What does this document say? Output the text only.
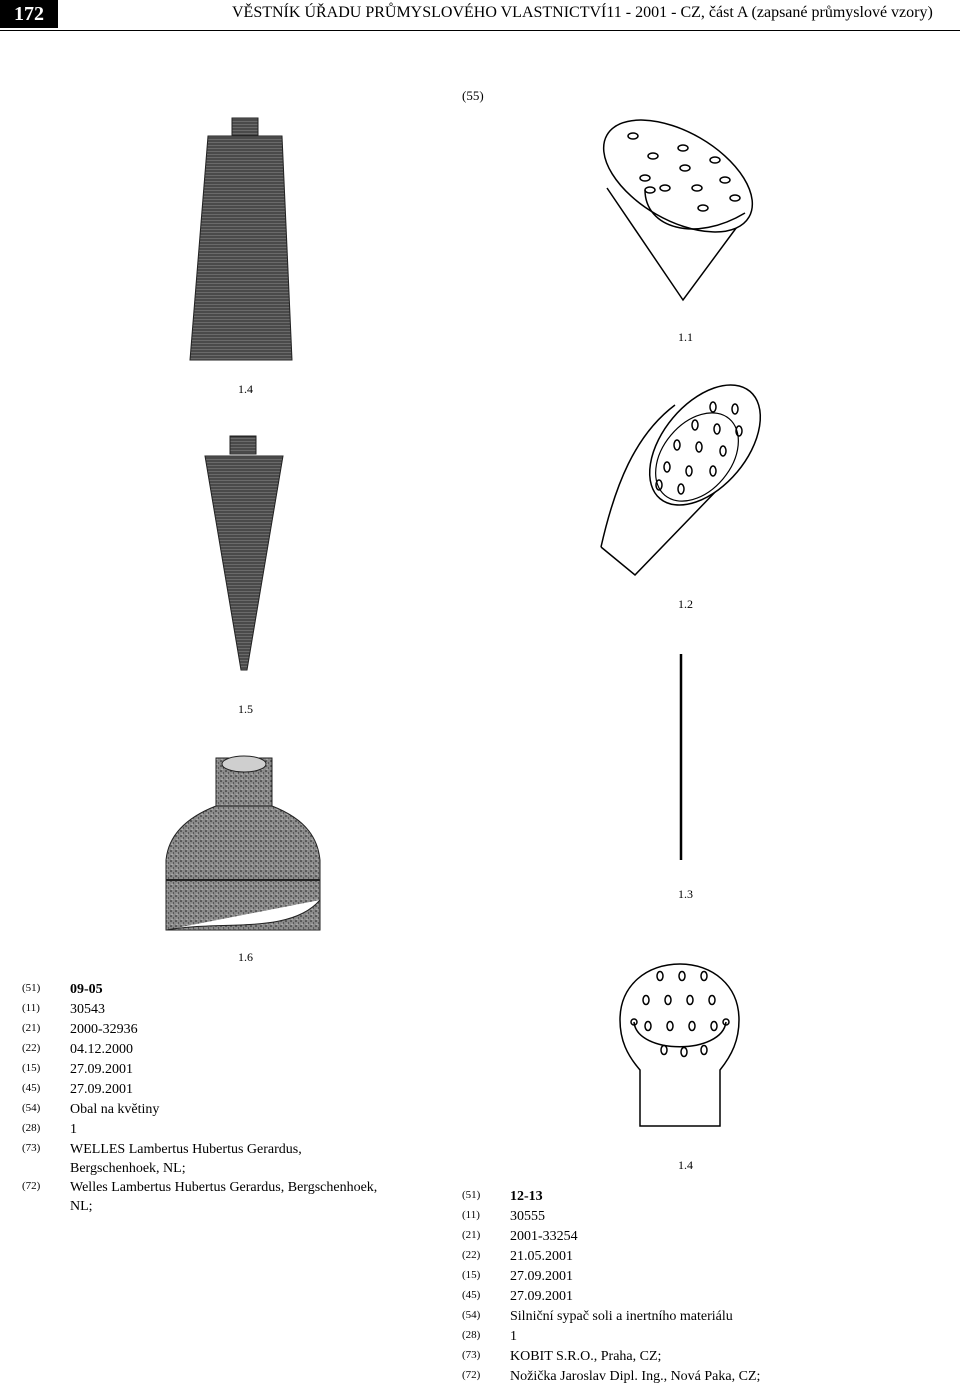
172	VĚSTNÍK ÚŘADU PRŮMYSLOVÉHO VLASTNICTVÍ11 - 2001 - CZ, část A (zapsané průmyslové vzory)
(55)
1.4
1.5
1.6
1.1
1.2
1.3
1.4
(51)	09-05
(11)	30543
(21)	2000-32936
(22)	04.12.2000
(15)	27.09.2001
(45)	27.09.2001
(54)	Obal na květiny
(28)	1
(73)	WELLES Lambertus Hubertus Gerardus,
Bergschenhoek, NL;
(72)	Welles Lambertus Hubertus Gerardus, Bergschenhoek,
NL;
(51)	12-13
(11)	30555
(21)	2001-33254
(22)	21.05.2001
(15)	27.09.2001
(45)	27.09.2001
(54)	Silniční sypač soli a inertního materiálu
(28)	1
(73)	KOBIT S.R.O., Praha, CZ;
(72)	Nožička Jaroslav Dipl. Ing., Nová Paka, CZ;
